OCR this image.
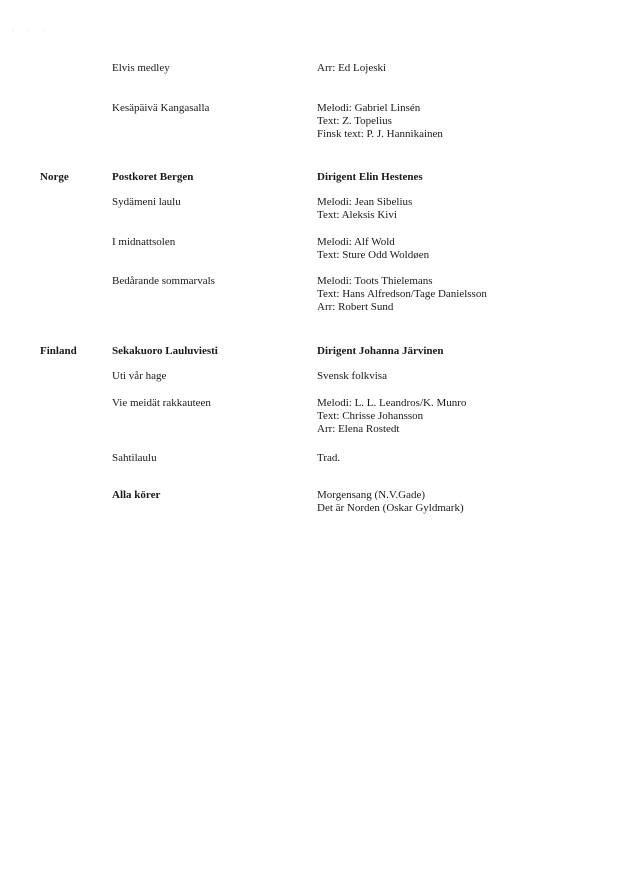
· · ·
Elvis medley	Arr: Ed Lojeski
Kesäpäivä Kangasalla	Melodi: Gabriel Linsén
Text: Z. Topelius
Finsk text: P. J. Hannikainen
Norge	Postkoret Bergen	Dirigent Elin Hestenes
Sydämeni laulu	Melodi: Jean Sibelius
Text: Aleksis Kivi
I midnattsolen	Melodi: Alf Wold
Text: Sture Odd Woldøen
Bedårande sommarvals	Melodi: Toots Thielemans
Text: Hans Alfredson/Tage Danielsson
Arr: Robert Sund
Finland	Sekakuoro Lauluviesti	Dirigent Johanna Järvinen
Uti vår hage	Svensk folkvisa
Vie meidät rakkauteen	Melodi: L. L. Leandros/K. Munro
Text: Chrisse Johansson
Arr: Elena Rostedt
Sahtilaulu	Trad.
Alla körer	Morgensang (N.V.Gade)
Det är Norden (Oskar Gyldmark)
